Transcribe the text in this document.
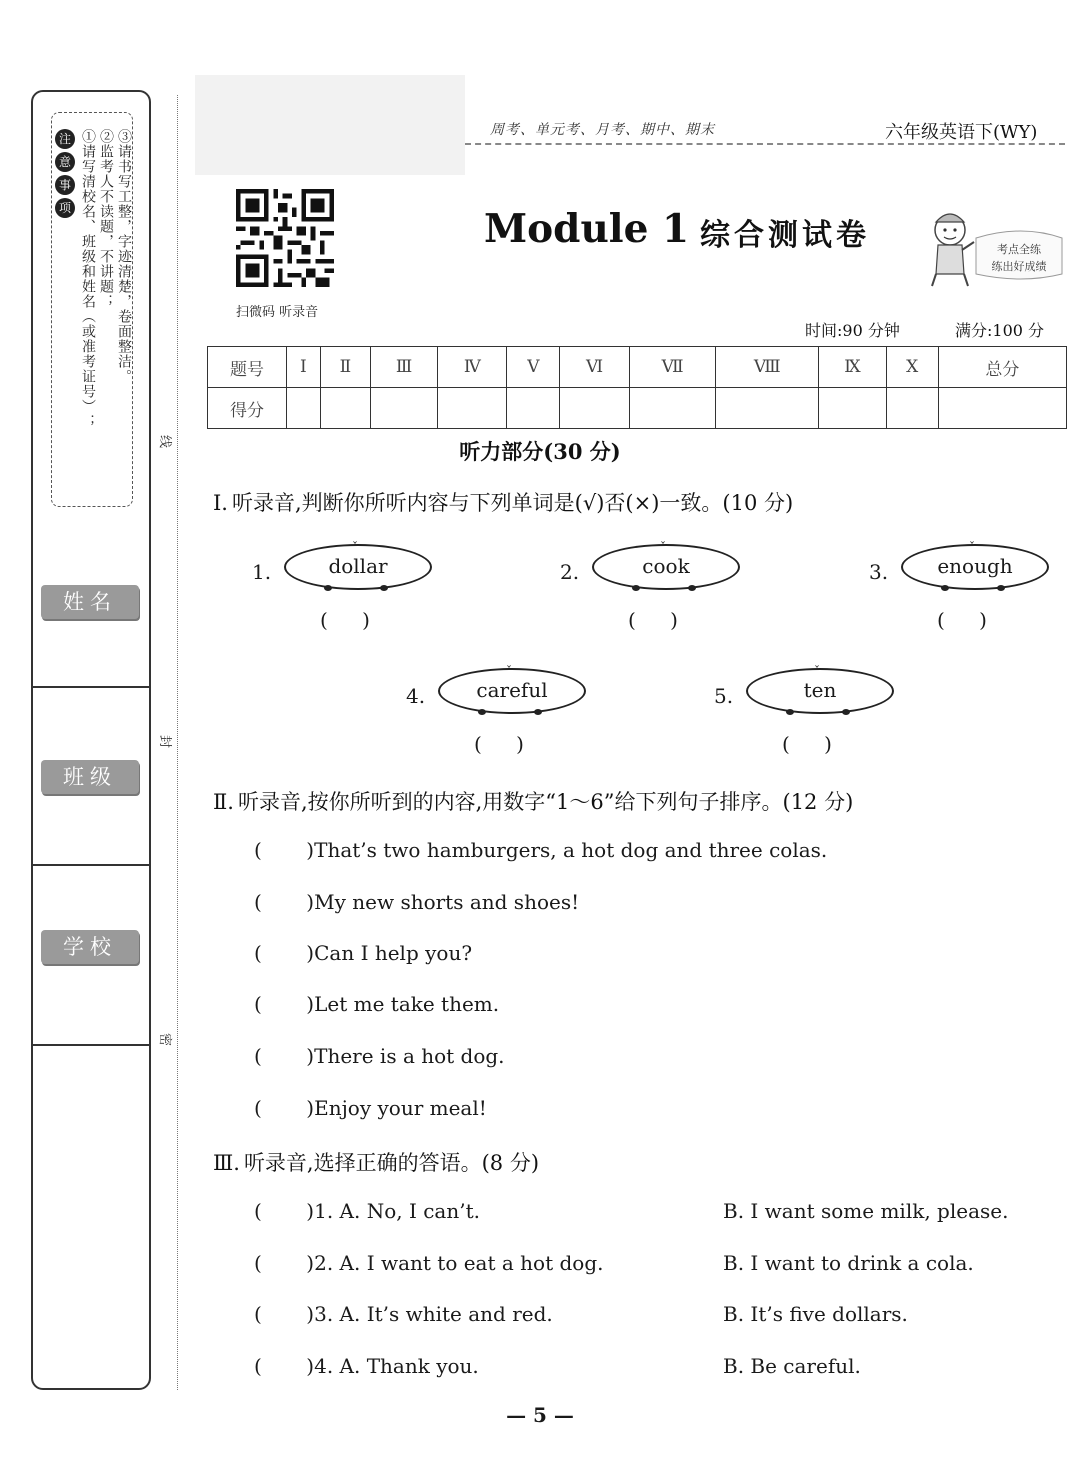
注
意
事
项 ①请写清校名、班级和姓名（或准考证号）； ②监考人不读题，不讲题； ③请书写工整，字迹清楚，卷面整洁。
姓名
班级
学校
线
封
密
周考、单元考、月考、期中、期末	六年级英语下(WY)
扫微码 听录音
Module 1 综合测试卷	考点全练
练出好成绩
时间:90 分钟	满分:100 分
题号	Ⅰ	Ⅱ	Ⅲ	Ⅳ	Ⅴ	Ⅵ	Ⅶ	Ⅷ	Ⅸ	Ⅹ	总分
得分											
听力部分(30 分)
Ⅰ. 听录音,判断你所听内容与下列单词是(√)否(×)一致。(10 分)
1.
ˇ
dollar
( )
2.
ˇ
cook
( )
3.
ˇ
enough
( )
4.
ˇ
careful
( )
5.
ˇ
ten
( )
Ⅱ. 听录音,按你所听到的内容,用数字“1～6”给下列句子排序。(12 分)
(       )That’s two hamburgers, a hot dog and three colas.
(       )My new shorts and shoes!
(       )Can I help you?
(       )Let me take them.
(       )There is a hot dog.
(       )Enjoy your meal!
Ⅲ. 听录音,选择正确的答语。(8 分)
(       )1. A. No, I can’t.	B. I want some milk, please.
(       )2. A. I want to eat a hot dog.	B. I want to drink a cola.
(       )3. A. It’s white and red.	B. It’s five dollars.
(       )4. A. Thank you.	B. Be careful.
— 5 —
